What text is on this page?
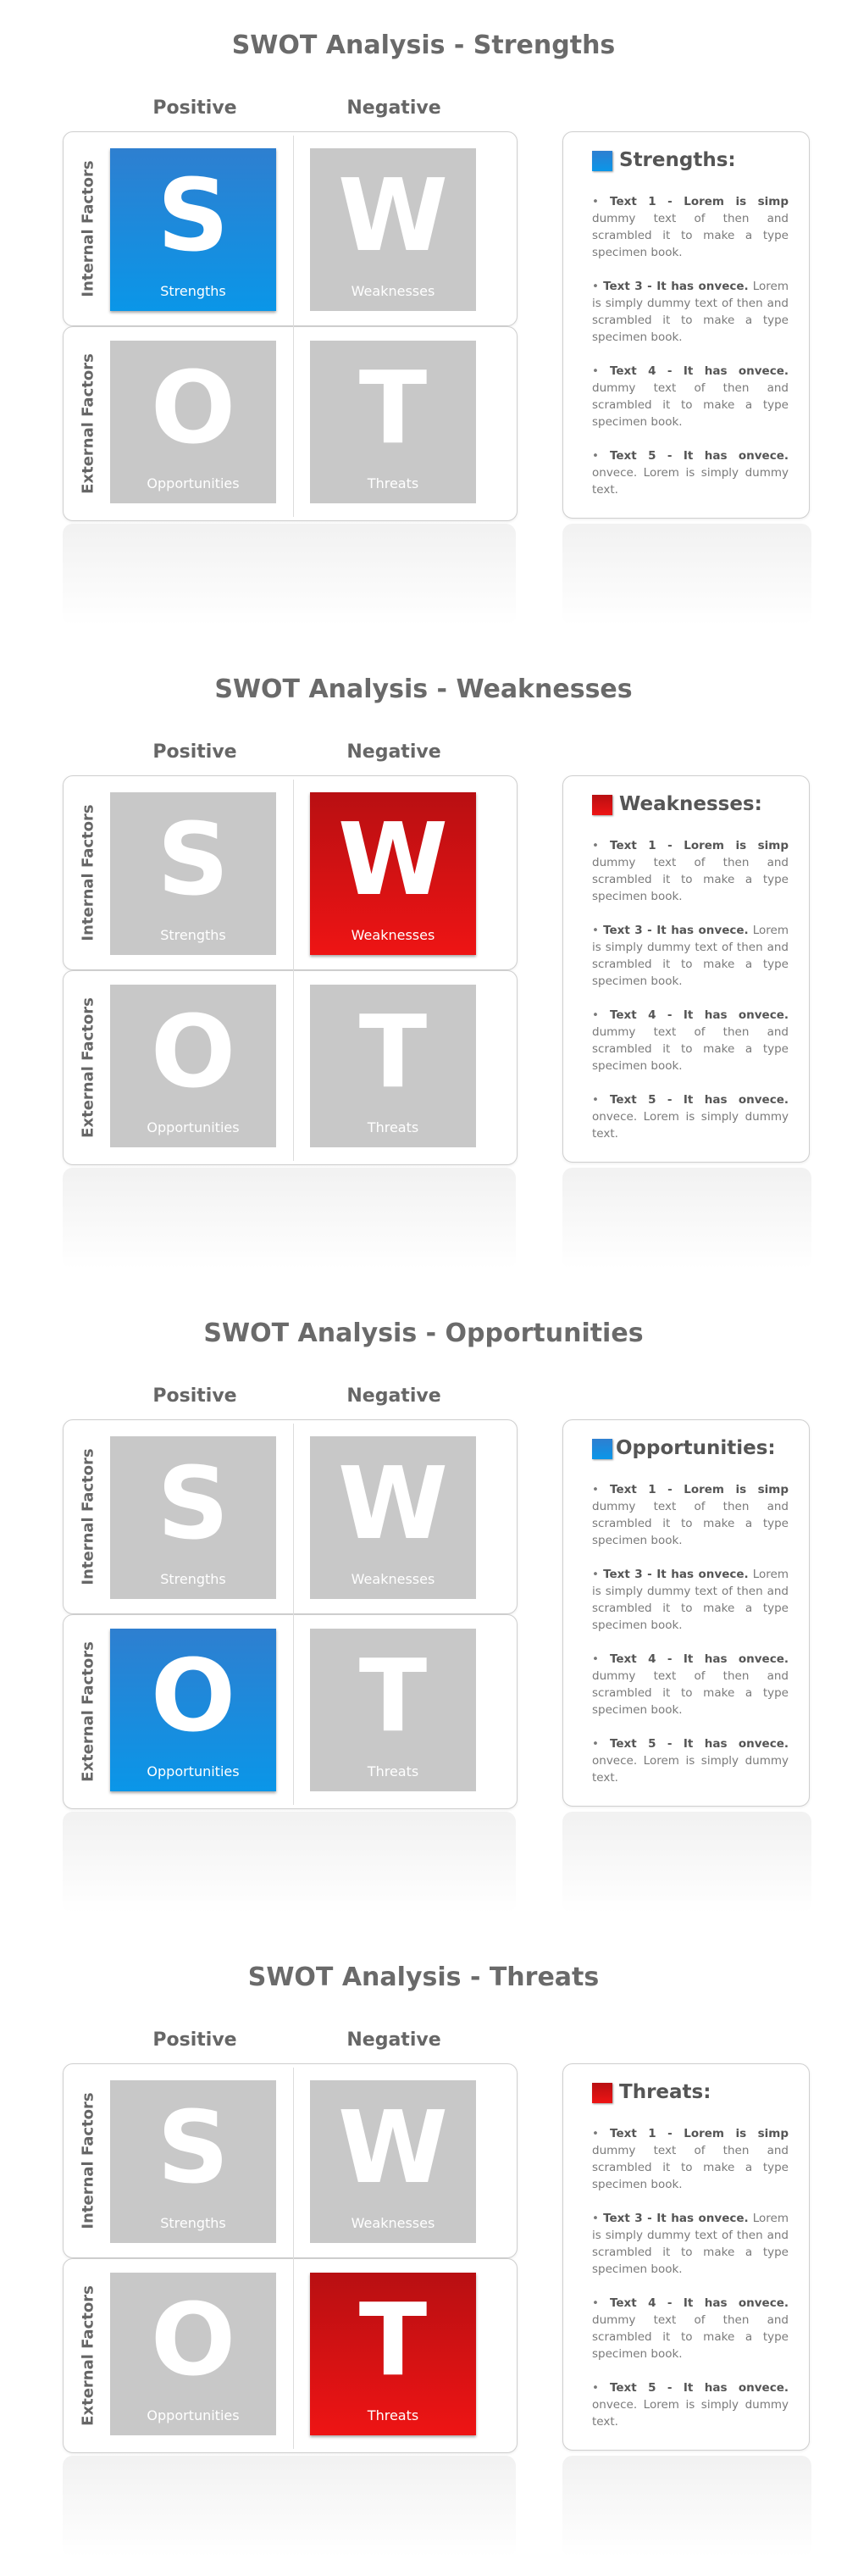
SWOT Analysis - Strengths
Positive	Negative
Internal Factors
External Factors
S
Strengths
W
Weaknesses
O
Opportunities
T
Threats
Strengths:
• Text 1 - Lorem is simp dummy text of then and scrambled it to make a type specimen book.
• Text 3 - It has onvece. Lorem is simply dummy text of then and scrambled it to make a type specimen book.
• Text 4 - It has onvece. dummy text of then and scrambled it to make a type specimen book.
• Text 5 - It has onvece. onvece. Lorem is simply dummy text.
SWOT Analysis - Weaknesses
Positive	Negative
Internal Factors
External Factors
S
Strengths
W
Weaknesses
O
Opportunities
T
Threats
Weaknesses:
• Text 1 - Lorem is simp dummy text of then and scrambled it to make a type specimen book.
• Text 3 - It has onvece. Lorem is simply dummy text of then and scrambled it to make a type specimen book.
• Text 4 - It has onvece. dummy text of then and scrambled it to make a type specimen book.
• Text 5 - It has onvece. onvece. Lorem is simply dummy text.
SWOT Analysis - Opportunities
Positive	Negative
Internal Factors
External Factors
S
Strengths
W
Weaknesses
O
Opportunities
T
Threats
Opportunities:
• Text 1 - Lorem is simp dummy text of then and scrambled it to make a type specimen book.
• Text 3 - It has onvece. Lorem is simply dummy text of then and scrambled it to make a type specimen book.
• Text 4 - It has onvece. dummy text of then and scrambled it to make a type specimen book.
• Text 5 - It has onvece. onvece. Lorem is simply dummy text.
SWOT Analysis - Threats
Positive	Negative
Internal Factors
External Factors
S
Strengths
W
Weaknesses
O
Opportunities
T
Threats
Threats:
• Text 1 - Lorem is simp dummy text of then and scrambled it to make a type specimen book.
• Text 3 - It has onvece. Lorem is simply dummy text of then and scrambled it to make a type specimen book.
• Text 4 - It has onvece. dummy text of then and scrambled it to make a type specimen book.
• Text 5 - It has onvece. onvece. Lorem is simply dummy text.
